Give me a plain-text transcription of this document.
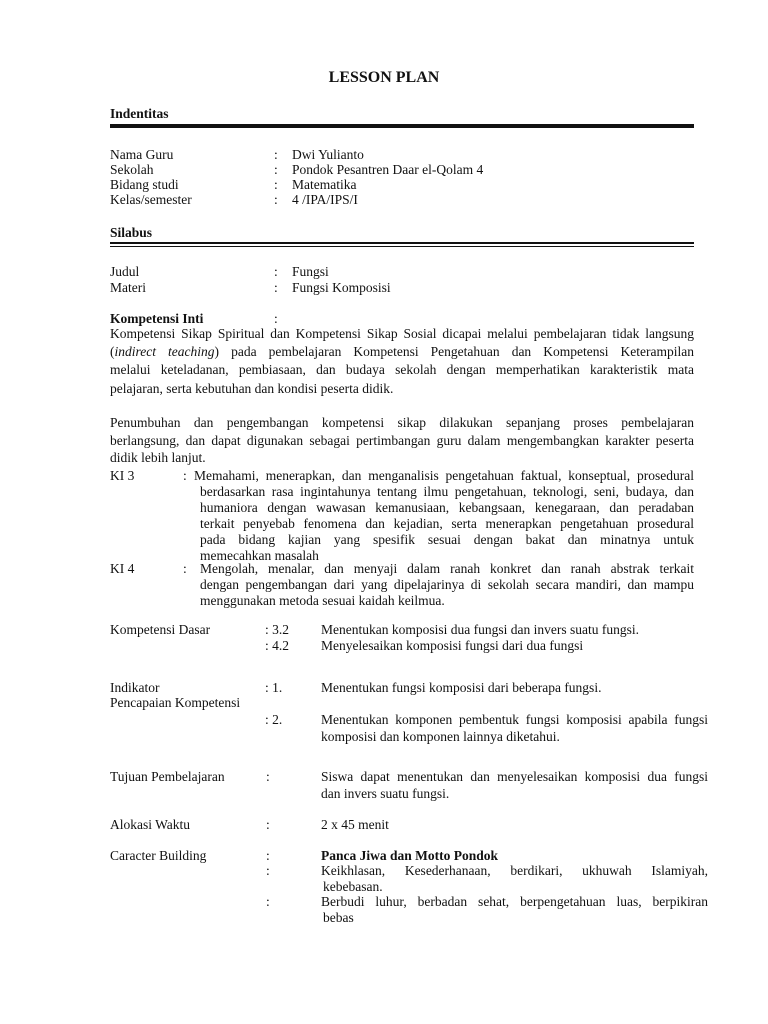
LESSON PLAN
Indentitas
Nama Guru	: Dwi Yulianto
Sekolah	: Pondok Pesantren Daar el-Qolam 4
Bidang studi	: Matematika
Kelas/semester	: 4 /IPA/IPS/I
Silabus
Judul	: Fungsi
Materi	: Fungsi Komposisi
Kompetensi Inti	:
Kompetensi Sikap Spiritual dan Kompetensi Sikap Sosial dicapai melalui pembelajaran tidak langsung
(indirect teaching) pada pembelajaran Kompetensi Pengetahuan dan Kompetensi Keterampilan
melalui keteladanan, pembiasaan, dan budaya sekolah dengan memperhatikan karakteristik mata
pelajaran, serta kebutuhan dan kondisi peserta didik.
Penumbuhan dan pengembangan kompetensi sikap dilakukan sepanjang proses pembelajaran
berlangsung, dan dapat digunakan sebagai pertimbangan guru dalam mengembangkan karakter peserta
didik lebih lanjut.
KI 3	: Memahami, menerapkan, dan menganalisis pengetahuan faktual, konseptual, prosedural
berdasarkan rasa ingintahunya tentang ilmu pengetahuan, teknologi, seni, budaya, dan
humaniora dengan wawasan kemanusiaan, kebangsaan, kenegaraan, dan peradaban
terkait penyebab fenomena dan kejadian, serta menerapkan pengetahuan prosedural
pada bidang kajian yang spesifik sesuai dengan bakat dan minatnya untuk
memecahkan masalah
KI 4	: Mengolah, menalar, dan menyaji dalam ranah konkret dan ranah abstrak terkait
dengan pengembangan dari yang dipelajarinya di sekolah secara mandiri, dan mampu
menggunakan metoda sesuai kaidah keilmua.
Kompetensi Dasar	: 3.2 Menentukan komposisi dua fungsi dan invers suatu fungsi.
: 4.2 Menyelesaikan komposisi fungsi dari dua fungsi
Indikator
Pencapaian Kompetensi
: 1.	Menentukan fungsi komposisi dari beberapa fungsi.
: 2.	Menentukan komponen pembentuk fungsi komposisi apabila fungsi
komposisi dan komponen lainnya diketahui.
Tujuan Pembelajaran	:	Siswa dapat menentukan dan menyelesaikan komposisi dua fungsi
dan invers suatu fungsi.
Alokasi Waktu	:	2 x 45 menit
Caracter Building	:	Panca Jiwa dan Motto Pondok
:	Keikhlasan, Kesederhanaan, berdikari, ukhuwah Islamiyah,
kebebasan.
:	Berbudi luhur, berbadan sehat, berpengetahuan luas, berpikiran
bebas
